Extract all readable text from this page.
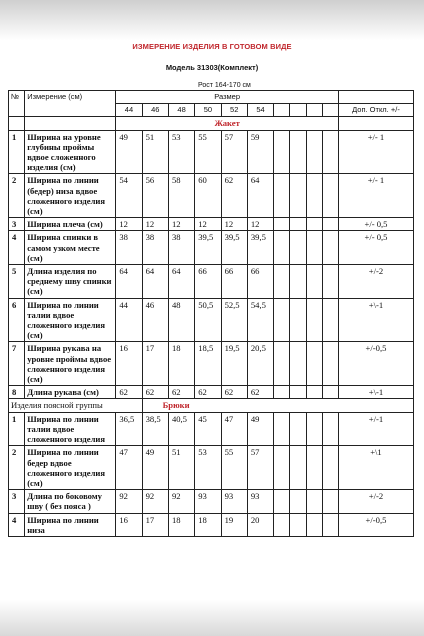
ИЗМЕРЕНИЕ ИЗДЕЛИЯ В ГОТОВОМ ВИДЕ
Модель 31303(Комплект)
Рост 164-170 см
№	Измерение (см)	Размер										
		44	46	48	50	52	54					Доп. Откл. +/-
		Жакет										
1	Ширина на уровне глубины проймы вдвое сложенного изделия (см)	49	51	53	55	57	59					+/- 1
2	Ширина по линии (бедер) низа вдвое сложенного изделия (см)	54	56	58	60	62	64					+/- 1
3	Ширина плеча (см)	12	12	12	12	12	12					+/- 0,5
4	Ширина спинки в самом узком месте (см)	38	38	38	39,5	39,5	39,5					+/- 0,5
5	Длина изделия по среднему шву спинки (см)	64	64	64	66	66	66					+/-2
6	Ширина по линии талии вдвое сложенного изделия (см)	44	46	48	50,5	52,5	54,5					+\-1
7	Ширина рукава на уровне проймы вдвое сложенного изделия (см)	16	17	18	18,5	19,5	20,5					+/-0,5
8	Длина рукава (см)	62	62	62	62	62	62					+\-1
Изделия поясной группы			Брюки									
1	Ширина по линии талии вдвое сложенного изделия	36,5	38,5	40,5	45	47	49					+/-1
2	Ширина по линии бедер вдвое сложенного изделия (см)	47	49	51	53	55	57					+\1
3	Длина по боковому шву ( без пояса )	92	92	92	93	93	93					+/-2
4	Ширина по линии низа	16	17	18	18	19	20					+/-0,5
